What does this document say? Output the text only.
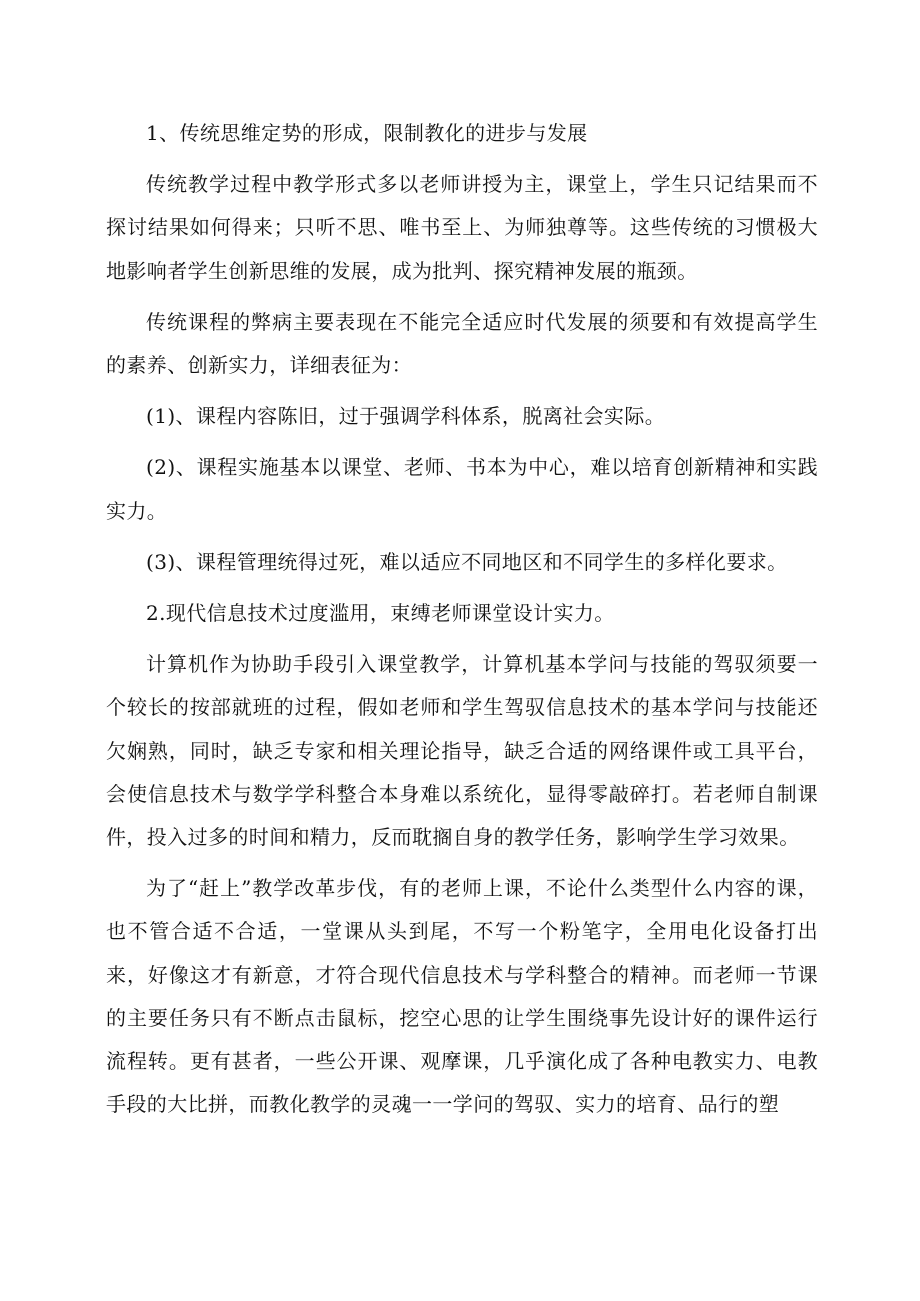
1、传统思维定势的形成，限制教化的进步与发展

传统教学过程中教学形式多以老师讲授为主，课堂上，学生只记结果而不探讨结果如何得来；只听不思、唯书至上、为师独尊等。这些传统的习惯极大地影响者学生创新思维的发展，成为批判、探究精神发展的瓶颈。

传统课程的弊病主要表现在不能完全适应时代发展的须要和有效提高学生的素养、创新实力，详细表征为：

(1)、课程内容陈旧，过于强调学科体系，脱离社会实际。

(2)、课程实施基本以课堂、老师、书本为中心，难以培育创新精神和实践实力。

(3)、课程管理统得过死，难以适应不同地区和不同学生的多样化要求。

2.现代信息技术过度滥用，束缚老师课堂设计实力。

计算机作为协助手段引入课堂教学，计算机基本学问与技能的驾驭须要一个较长的按部就班的过程，假如老师和学生驾驭信息技术的基本学问与技能还欠娴熟，同时，缺乏专家和相关理论指导，缺乏合适的网络课件或工具平台，会使信息技术与数学学科整合本身难以系统化，显得零敲碎打。若老师自制课件，投入过多的时间和精力，反而耽搁自身的教学任务，影响学生学习效果。

为了“赶上”教学改革步伐，有的老师上课，不论什么类型什么内容的课，也不管合适不合适，一堂课从头到尾，不写一个粉笔字，全用电化设备打出来，好像这才有新意，才符合现代信息技术与学科整合的精神。而老师一节课的主要任务只有不断点击鼠标，挖空心思的让学生围绕事先设计好的课件运行流程转。更有甚者，一些公开课、观摩课，几乎演化成了各种电教实力、电教手段的大比拼，而教化教学的灵魂一一学问的驾驭、实力的培育、品行的塑
